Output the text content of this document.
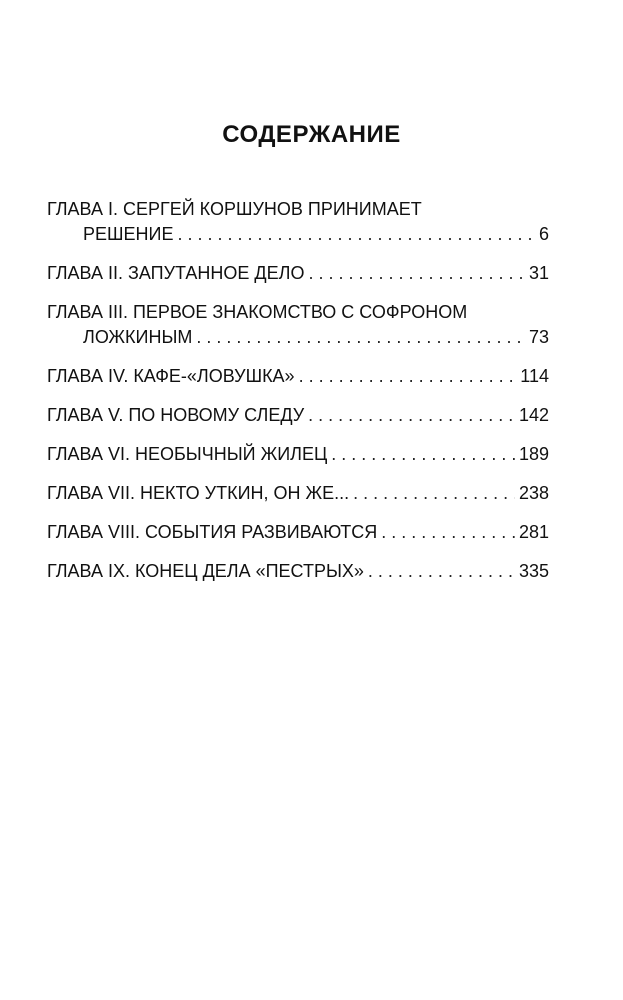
СОДЕРЖАНИЕ
ГЛАВА I. СЕРГЕЙ КОРШУНОВ ПРИНИМАЕТ
РЕШЕНИЕ . . .	6
ГЛАВА II. ЗАПУТАННОЕ ДЕЛО . . .	31
ГЛАВА III. ПЕРВОЕ ЗНАКОМСТВО С СОФРОНОМ
ЛОЖКИНЫМ . . .	73
ГЛАВА IV. КАФЕ-«ЛОВУШКА» . . .	114
ГЛАВА V. ПО НОВОМУ СЛЕДУ . . .	142
ГЛАВА VI. НЕОБЫЧНЫЙ ЖИЛЕЦ . . .	189
ГЛАВА VII. НЕКТО УТКИН, ОН ЖЕ... . . .	238
ГЛАВА VIII. СОБЫТИЯ РАЗВИВАЮТСЯ . . .	281
ГЛАВА IX. КОНЕЦ ДЕЛА «ПЕСТРЫХ» . . .	335
